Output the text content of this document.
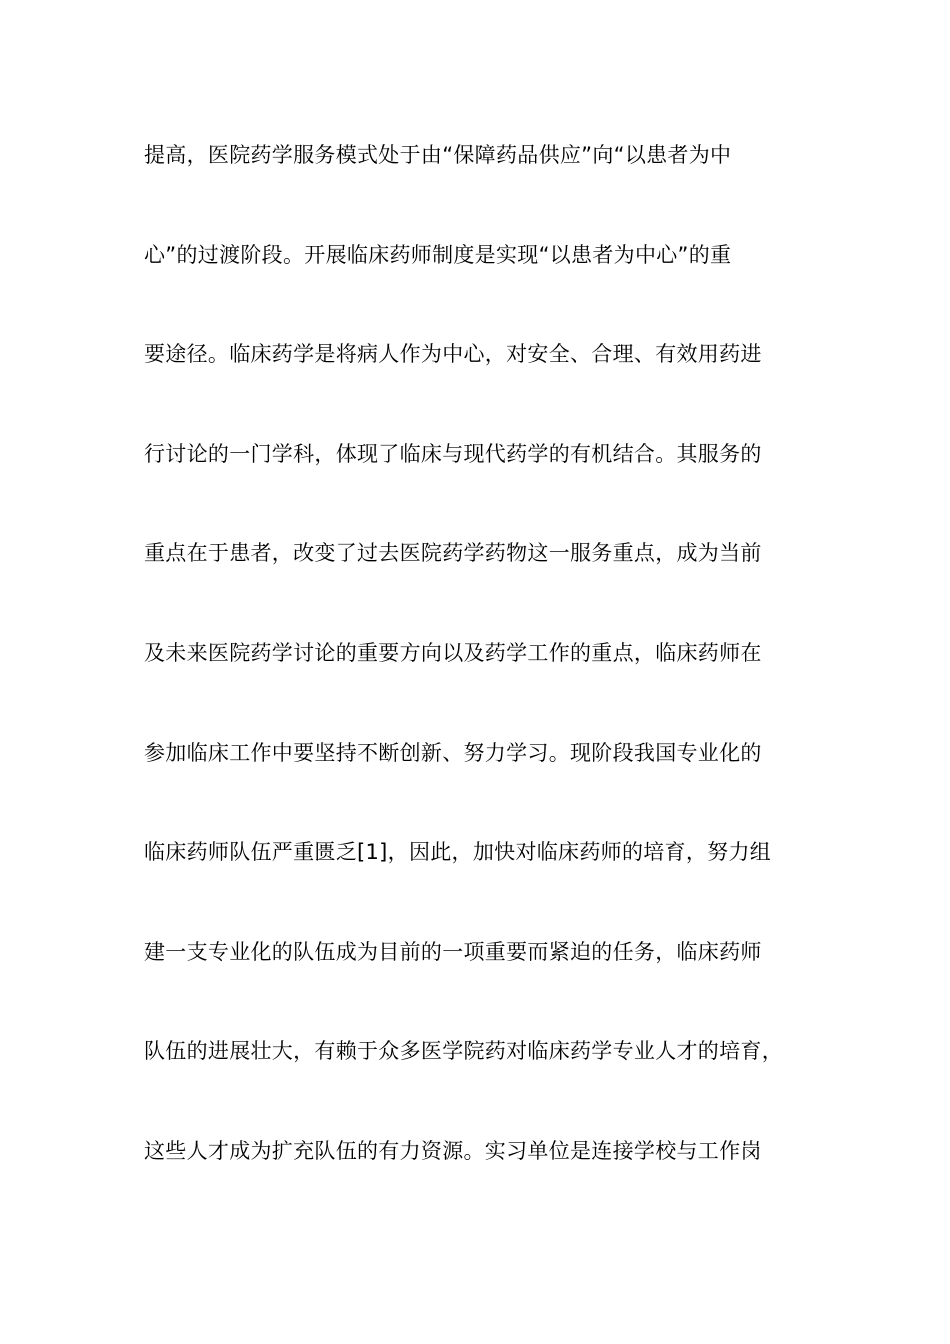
提高，医院药学服务模式处于由“保障药品供应”向“以患者为中
心”的过渡阶段。开展临床药师制度是实现“以患者为中心”的重
要途径。临床药学是将病人作为中心，对安全、合理、有效用药进
行讨论的一门学科，体现了临床与现代药学的有机结合。其服务的
重点在于患者，改变了过去医院药学药物这一服务重点，成为当前
及未来医院药学讨论的重要方向以及药学工作的重点，临床药师在
参加临床工作中要坚持不断创新、努力学习。现阶段我国专业化的
临床药师队伍严重匮乏[1]，因此，加快对临床药师的培育，努力组
建一支专业化的队伍成为目前的一项重要而紧迫的任务，临床药师
队伍的进展壮大，有赖于众多医学院药对临床药学专业人才的培育，
这些人才成为扩充队伍的有力资源。实习单位是连接学校与工作岗
